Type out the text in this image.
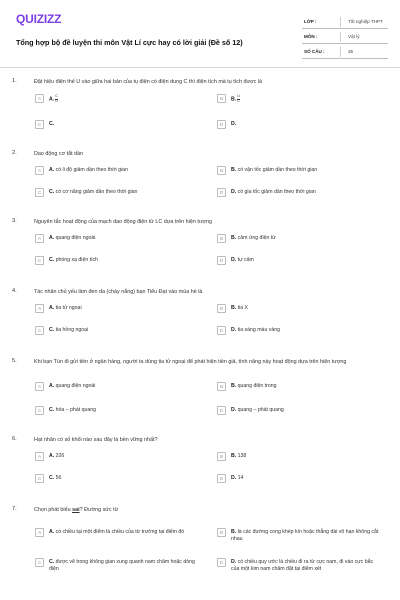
QUIZIZZ
Tổng hợp bộ đề luyện thi môn Vật Lí cực hay có lời giải (Đề số 12)
LỚP :	Tốt nghiệp THPT
MÔN :	Vật lý
SỐ CÂU :	35
1.	Đặt hiệu điện thế U vào giữa hai bản của tụ điện có điện dung C thì điện tích mà tụ tích được là
A	A. $\frac{C}{U}$	B	B. $\frac{U}{C}$
C	C.	D	D.
2.	Dao động cơ tắt dần
A	A. có li độ giảm dần theo thời gian	B	B. có vận tốc giảm dần theo thời gian
C	C. có cơ năng giảm dần theo thời gian	D	D. có gia tốc giảm dần theo thời gian
3.	Nguyên tắc hoạt động của mạch dao động điện từ LC dựa trên hiện tượng
A	A. quang điện ngoài	B	B. cảm ứng điện từ
C	C. phóng xạ điện tích	D	D. tự cảm
4.	Tác nhân chủ yếu làm đen da (cháy nắng) bạn Tiểu Đạt vào mùa hè là
A	A. tia tử ngoại	B	B. tia X
C	C. tia hồng ngoại	D	D. tia sáng màu vàng
5.	Khi bạn Tùn đi gửi tiền ở ngân hàng, người ta dùng tia tử ngoại để phát hiện tiền giả, tính năng này hoạt động dựa trên hiện tượng
A	A. quang điện ngoài	B	B. quang điện trong
C	C. hóa – phát quang	D	D. quang – phát quang
6.	Hạt nhân có số khối nào sau đây là bền vững nhất?
A	A. 226	B	B. 138
C	C. 56	D	D. 14
7.	Chọn phát biểu sai? Đường sức từ
A	A. có chiều tại một điểm là chiều của từ trường tại điểm đó	B	B. là các đường cong khép kín hoặc thẳng dài vô hạn không cắt nhau
C	C. được vẽ trong không gian xung quanh nam châm hoặc dòng điện
D	D. có chiều quy ước là chiều đi ra từ cực nam, đi vào cực bắc của một kim nam châm đặt tại điểm xét
